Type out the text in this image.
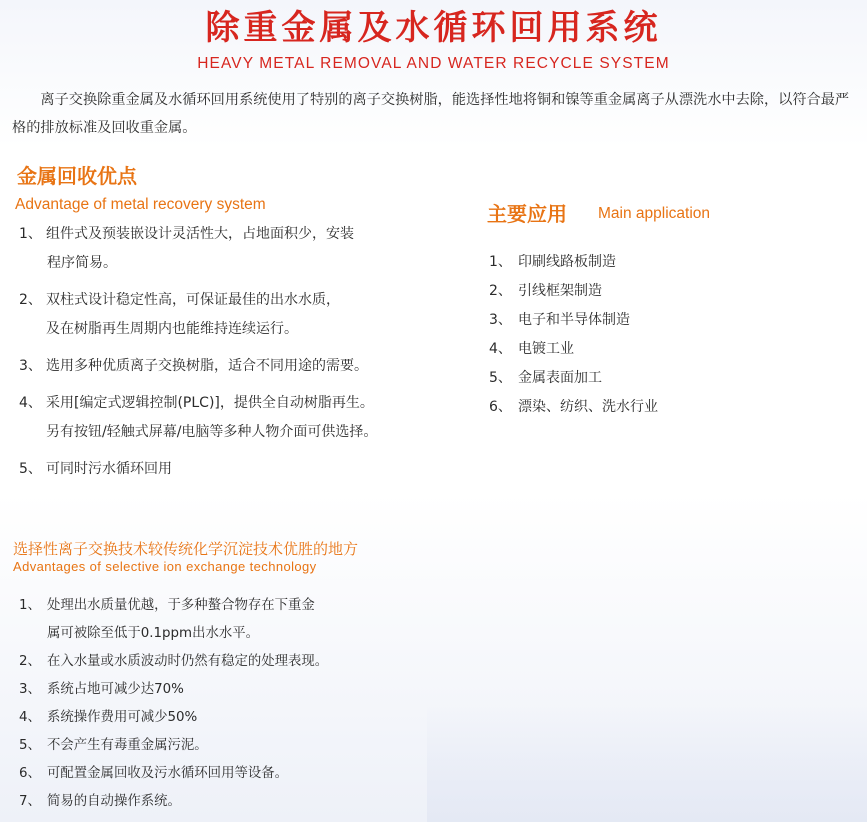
除重金属及水循环回用系统
HEAVY METAL REMOVAL AND WATER RECYCLE SYSTEM

离子交换除重金属及水循环回用系统使用了特别的离子交换树脂，能选择性地将铜和镍等重金属离子从漂洗水中去除，以符合最严格的排放标准及回收重金属。

金属回收优点
Advantage of metal recovery system
1、 组件式及预装嵌设计灵活性大，占地面积少，安装
程序简易。
2、 双柱式设计稳定性高，可保证最佳的出水水质，
及在树脂再生周期内也能维持连续运行。
3、 选用多种优质离子交换树脂，适合不同用途的需要。
4、 采用[编定式逻辑控制(PLC)]，提供全自动树脂再生。
另有按钮/轻触式屏幕/电脑等多种人物介面可供选择。
5、 可同时污水循环回用
主要应用 Main application
1、 印刷线路板制造
2、 引线框架制造
3、 电子和半导体制造
4、 电镀工业
5、 金属表面加工
6、 漂染、纺织、洗水行业
选择性离子交换技术较传统化学沉淀技术优胜的地方
Advantages of selective ion exchange technology
1、 处理出水质量优越，于多种螯合物存在下重金
属可被除至低于0.1ppm出水水平。
2、 在入水量或水质波动时仍然有稳定的处理表现。
3、 系统占地可减少达70%
4、 系统操作费用可减少50%
5、 不会产生有毒重金属污泥。
6、 可配置金属回收及污水循环回用等设备。
7、 简易的自动操作系统。
